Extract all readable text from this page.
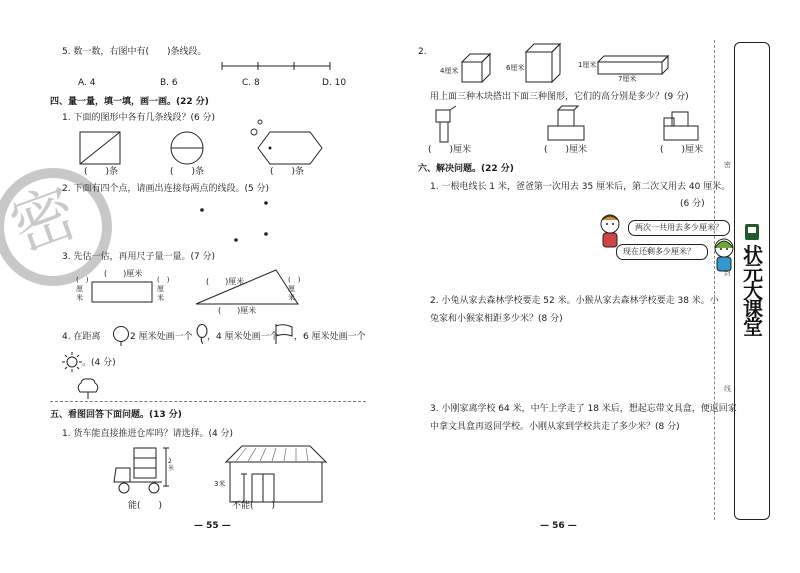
密
5. 数一数，右图中有(　　)条线段。
A. 4	B. 6	C. 8	D. 10
四、量一量，填一填，画一画。(22 分)
1. 下面的图形中各有几条线段？(6 分)
(　　)条	(　　)条	(　　)条
2. 下面有四个点，请画出连接每两点的线段。(5 分)
3. 先估一估，再用尺子量一量。(7 分)
(　　)厘米
(　)厘米
(　)厘米
(　　)厘米	(　)厘米
(　　)厘米
4. 在距离	2 厘米处画一个 ，4 厘米处画一个 ，6 厘米处画一个
。(4 分)
五、看图回答下面问题。(13 分)
1. 货车能直接推进仓库吗？请选择。(4 分)
2米
能(　　)
3米
不能(　　)
— 55 —
2.
4厘米	6厘米	1厘米
7厘米
用上面三种木块搭出下面三种图形，它们的高分别是多少？(9 分)
(　　)厘米	(　　)厘米	(　　)厘米
六、解决问题。(22 分)
1. 一根电线长 1 米，爸爸第一次用去 35 厘米后，第二次又用去 40 厘米。
(6 分)
两次一共用去多少厘米？
现在还剩多少厘米？
2. 小兔从家去森林学校要走 52 米。小猴从家去森林学校要走 38 米。小
兔家和小猴家相距多少米？(8 分)
3. 小刚家离学校 64 米，中午上学走了 18 米后，想起忘带文具盒，便返回家
中拿文具盒再返回学校。小刚从家到学校共走了多少米？(8 分)
— 56 —
密
封
线
状元大课堂
